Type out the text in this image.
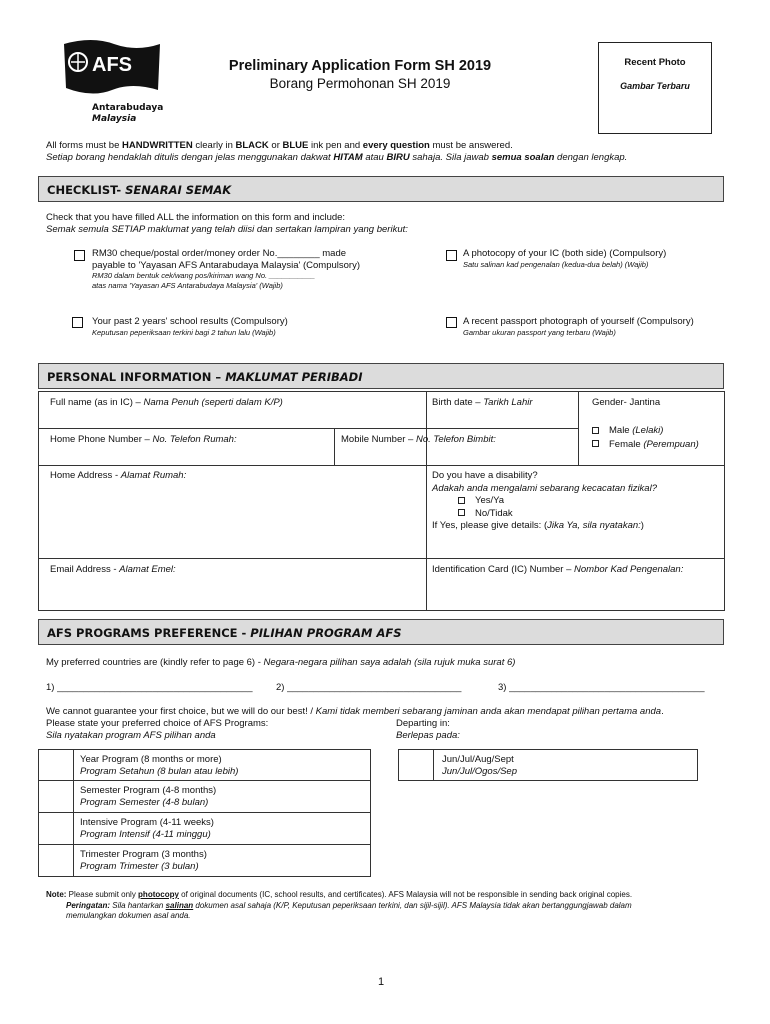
AFS
Antarabudaya
Malaysia
Preliminary Application Form SH 2019
Borang Permohonan SH 2019
Recent Photo
Gambar Terbaru
All forms must be HANDWRITTEN clearly in BLACK or BLUE ink pen and every question must be answered.
Setiap borang hendaklah ditulis dengan jelas menggunakan dakwat HITAM atau BIRU sahaja. Sila jawab semua soalan dengan lengkap.
CHECKLIST- SENARAI SEMAK
Check that you have filled ALL the information on this form and include:
Semak semula SETIAP maklumat yang telah diisi dan sertakan lampiran yang berikut:
RM30 cheque/postal order/money order No.________ made
payable to 'Yayasan AFS Antarabudaya Malaysia' (Compulsory)
RM30 dalam bentuk cek/wang pos/kiriman wang No. ___________
atas nama 'Yayasan AFS Antarabudaya Malaysia' (Wajib)
A photocopy of your IC (both side) (Compulsory)
Satu salinan kad pengenalan (kedua-dua belah) (Wajib)
Your past 2 years' school results (Compulsory)
Keputusan peperiksaan terkini bagi 2 tahun lalu (Wajib)
A recent passport photograph of yourself (Compulsory)
Gambar ukuran passport yang terbaru (Wajib)
PERSONAL INFORMATION – MAKLUMAT PERIBADI
Full name (as in IC) – Nama Penuh (seperti dalam K/P)	Birth date – Tarikh Lahir	Gender- Jantina
Male (Lelaki)
Female (Perempuan)
Home Phone Number – No. Telefon Rumah:	Mobile Number – No. Telefon Bimbit:
Home Address - Alamat Rumah:	Do you have a disability?
Adakah anda mengalami sebarang kecacatan fizikal?
Yes/Ya
No/Tidak
If Yes, please give details: (Jika Ya, sila nyatakan:)
Email Address - Alamat Emel:	Identification Card (IC) Number – Nombor Kad Pengenalan:
AFS PROGRAMS PREFERENCE - PILIHAN PROGRAM AFS
My preferred countries are (kindly refer to page 6) - Negara-negara pilihan saya adalah (sila rujuk muka surat 6)
1) _____________________________________ 2) _________________________________	3) _____________________________________
We cannot guarantee your first choice, but we will do our best! / Kami tidak memberi sebarang jaminan anda akan mendapat pilihan pertama anda.
Please state your preferred choice of AFS Programs:
Sila nyatakan program AFS pilihan anda
Departing in:
Berlepas pada:
Year Program (8 months or more)
Program Setahun (8 bulan atau lebih)
Semester Program (4-8 months)
Program Semester (4-8 bulan)
Intensive Program (4-11 weeks)
Program Intensif (4-11 minggu)
Trimester Program (3 months)
Program Trimester (3 bulan)
Jun/Jul/Aug/Sept
Jun/Jul/Ogos/Sep
Note: Please submit only photocopy of original documents (IC, school results, and certificates). AFS Malaysia will not be responsible in sending back original copies.
Peringatan: Sila hantarkan salinan dokumen asal sahaja (K/P, Keputusan peperiksaan terkini, dan sijil-sijil). AFS Malaysia tidak akan bertanggungjawab dalam
memulangkan dokumen asal anda.
1
